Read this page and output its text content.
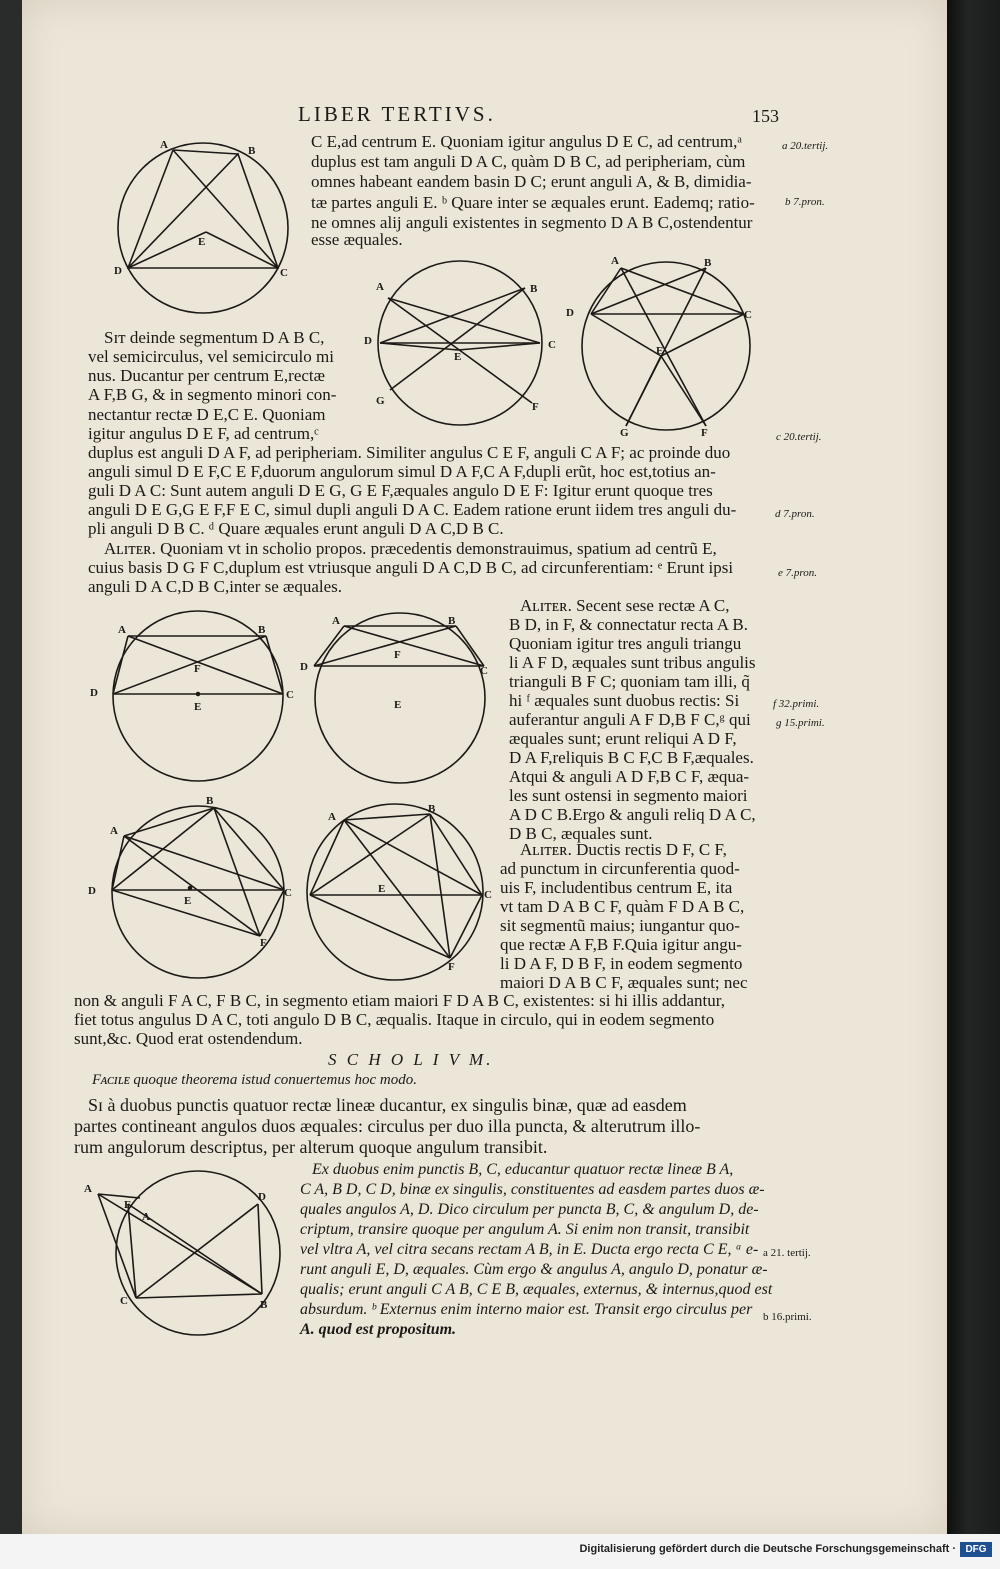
LIBER TERTIVS.	153
C E,ad centrum E. Quoniam igitur angulus D E C, ad centrum,ᵃ
duplus est tam anguli D A C, quàm D B C, ad peripheriam, cùm
omnes habeant eandem basin D C; erunt anguli A, & B, dimidia-
tæ partes anguli E. ᵇ Quare inter se æquales erunt. Eademq; ratio-
ne omnes alij anguli existentes in segmento D A B C,ostendentur
esse æquales.
a 20.tertij.
b 7.pron.
c 20.tertij.
d 7.pron.
e 7.pron.
f 32.primi.
g 15.primi.
a 21. tertij.
b 16.primi.
A	B
E
D	C
A	B
C
D
E
G	F
A	B
D	C
E
G	F
Sɪᴛ deinde segmentum D A B C,
vel semicirculus, vel semicirculo mi
nus. Ducantur per centrum E,rectæ
A F,B G, & in segmento minori con-
nectantur rectæ D E,C E. Quoniam
igitur angulus D E F, ad centrum,ᶜ
duplus est anguli D A F, ad peripheriam. Similiter angulus C E F, anguli C A F; ac proinde duo
anguli simul D E F,C E F,duorum angulorum simul D A F,C A F,dupli erũt, hoc est,totius an-
guli D A C: Sunt autem anguli D E G, G E F,æquales angulo D E F: Igitur erunt quoque tres
anguli D E G,G E F,F E C, simul dupli anguli D A C. Eadem ratione erunt iidem tres anguli du-
pli anguli D B C. ᵈ Quare æquales erunt anguli D A C,D B C.
Aʟɪᴛᴇʀ. Quoniam vt in scholio propos. præcedentis demonstrauimus, spatium ad centrũ E,
cuius basis D G F C,duplum est vtriusque anguli D A C,D B C, ad circunferentiam: ᵉ Erunt ipsi
anguli D A C,D B C,inter se æquales.
A	B
F
D
E
C
A	B
F
D	C
E
Aʟɪᴛᴇʀ. Secent sese rectæ A C,
B D, in F, & connectatur recta A B.
Quoniam igitur tres anguli triangu
li A F D, æquales sunt tribus angulis
trianguli B F C; quoniam tam illi, q̃
hi ᶠ æquales sunt duobus rectis: Si
auferantur anguli A F D,B F C,ᵍ qui
æquales sunt; erunt reliqui A D F,
D A F,reliquis B C F,C B F,æquales.
Atqui & anguli A D F,B C F, æqua-
les sunt ostensi in segmento maiori
A D C B.Ergo & anguli reliq D A C,
D B C, æquales sunt.
A
B
D
E
C
F
A
B
E	C
F
Aʟɪᴛᴇʀ. Ductis rectis D F, C F,
ad punctum in circunferentia quod-
uis F, includentibus centrum E, ita
vt tam D A B C F, quàm F D A B C,
sit segmentũ maius; iungantur quo-
que rectæ A F,B F.Quia igitur angu-
li D A F, D B F, in eodem segmento
maiori D A B C F, æquales sunt; nec
non & anguli F A C, F B C, in segmento etiam maiori F D A B C, existentes: si hi illis addantur,
fiet totus angulus D A C, toti angulo D B C, æqualis. Itaque in circulo, qui in eodem segmento
sunt,&c. Quod erat ostendendum.
S C H O L I V M.
Fᴀᴄɪʟᴇ quoque theorema istud conuertemus hoc modo.
Sɪ à duobus punctis quatuor rectæ lineæ ducantur, ex singulis binæ, quæ ad easdem
partes contineant angulos duos æquales: circulus per duo illa puncta, & alterutrum illo-
rum angulorum descriptus, per alterum quoque angulum transibit.
A
E
A
D
C	B
Ex duobus enim punctis B, C, educantur quatuor rectæ lineæ B A,
C A, B D, C D, binæ ex singulis, constituentes ad easdem partes duos æ-
quales angulos A, D. Dico circulum per puncta B, C, & angulum D, de-
criptum, transire quoque per angulum A. Si enim non transit, transibit
vel vltra A, vel citra secans rectam A B, in E. Ducta ergo recta C E, ᵃ e-
runt anguli E, D, æquales. Cùm ergo & angulus A, angulo D, ponatur æ-
qualis; erunt anguli C A B, C E B, æquales, externus, & internus,quod est
absurdum. ᵇ Externus enim interno maior est. Transit ergo circulus per
A. quod est propositum.
Digitalisierung gefördert durch die Deutsche Forschungsgemeinschaft · DFG
